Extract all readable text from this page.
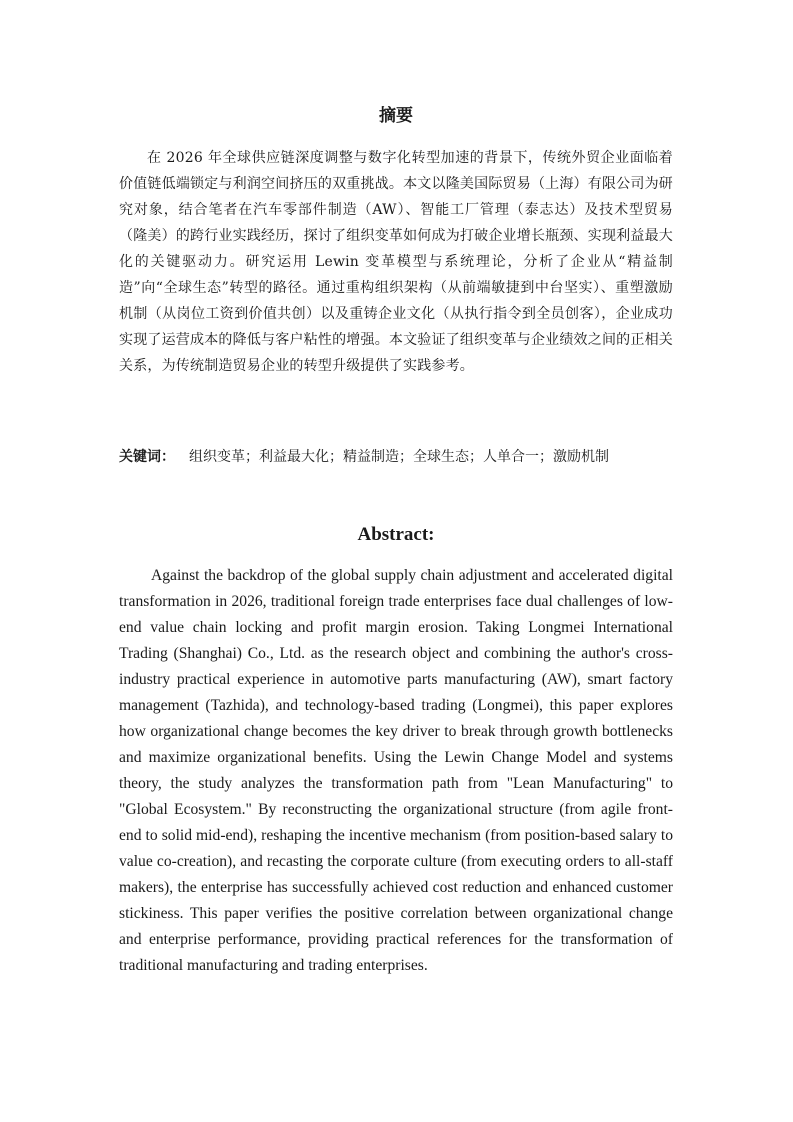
摘要

在 2026 年全球供应链深度调整与数字化转型加速的背景下，传统外贸企业面临着价值链低端锁定与利润空间挤压的双重挑战。本文以隆美国际贸易（上海）有限公司为研究对象，结合笔者在汽车零部件制造（AW）、智能工厂管理（泰志达）及技术型贸易（隆美）的跨行业实践经历，探讨了组织变革如何成为打破企业增长瓶颈、实现利益最大化的关键驱动力。研究运用 Lewin 变革模型与系统理论，分析了企业从“精益制造”向“全球生态”转型的路径。通过重构组织架构（从前端敏捷到中台坚实）、重塑激励机制（从岗位工资到价值共创）以及重铸企业文化（从执行指令到全员创客），企业成功实现了运营成本的降低与客户粘性的增强。本文验证了组织变革与企业绩效之间的正相关关系，为传统制造贸易企业的转型升级提供了实践参考。

关键词： 组织变革；利益最大化；精益制造；全球生态；人单合一；激励机制

Abstract:

Against the backdrop of the global supply chain adjustment and accelerated digital transformation in 2026, traditional foreign trade enterprises face dual challenges of low-end value chain locking and profit margin erosion. Taking Longmei International Trading (Shanghai) Co., Ltd. as the research object and combining the author's cross-industry practical experience in automotive parts manufacturing (AW), smart factory management (Tazhida), and technology-based trading (Longmei), this paper explores how organizational change becomes the key driver to break through growth bottlenecks and maximize organizational benefits. Using the Lewin Change Model and systems theory, the study analyzes the transformation path from "Lean Manufacturing" to "Global Ecosystem." By reconstructing the organizational structure (from agile front-end to solid mid-end), reshaping the incentive mechanism (from position-based salary to value co-creation), and recasting the corporate culture (from executing orders to all-staff makers), the enterprise has successfully achieved cost reduction and enhanced customer stickiness. This paper verifies the positive correlation between organizational change and enterprise performance, providing practical references for the transformation of traditional manufacturing and trading enterprises.
